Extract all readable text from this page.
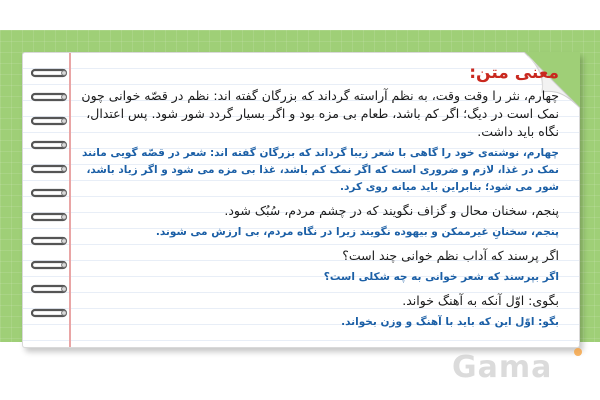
معنی متن:

چهارم، نثر را وقت وقت، به نظم آراسته گرداند که بزرگان گفته اند: نظم در قصّه خوانی چون نمک است در دیگ؛ اگر کم باشد، طعام بی مزه بود و اگر بسیار گردد شور شود. پس اعتدال، نگاه باید داشت.

چهارم، نوشته‌ی خود را گاهی با شعر زیبا گرداند که بزرگان گفته اند: شعر در قصّه گویی مانند نمک در غذا، لازم و ضروری است که اگر نمک کم باشد، غذا بی مزه می شود و اگر زیاد باشد، شور می شود؛ بنابراین باید میانه روی کرد.

پنجم، سخنان محال و گزاف نگویند که در چشم مردم، سُبُک شود.

پنجم، سخنانِ غیرممکن و بیهوده نگویند زیرا در نگاه مردم، بی ارزش می شوند.

اگر پرسند که آداب نظم خوانی چند است؟

اگر بپرسند که شعر خوانی به چه شکلی است؟

بگوی: اوّل آنکه به آهنگ خواند.

بگو: اوّل این که باید با آهنگ و وزن بخواند.

Gama
